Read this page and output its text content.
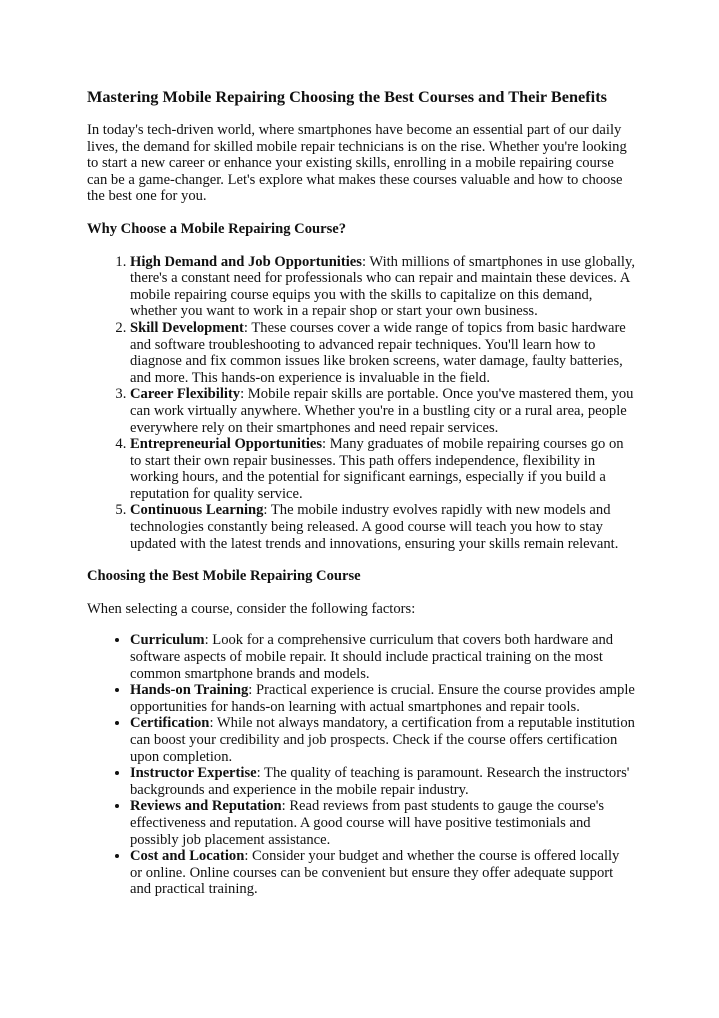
Mastering Mobile Repairing Choosing the Best Courses and Their Benefits

In today's tech-driven world, where smartphones have become an essential part of our daily lives, the demand for skilled mobile repair technicians is on the rise. Whether you're looking to start a new career or enhance your existing skills, enrolling in a mobile repairing course can be a game-changer. Let's explore what makes these courses valuable and how to choose the best one for you.

Why Choose a Mobile Repairing Course?
1. High Demand and Job Opportunities: With millions of smartphones in use globally, there's a constant need for professionals who can repair and maintain these devices. A mobile repairing course equips you with the skills to capitalize on this demand, whether you want to work in a repair shop or start your own business.
2. Skill Development: These courses cover a wide range of topics from basic hardware and software troubleshooting to advanced repair techniques. You'll learn how to diagnose and fix common issues like broken screens, water damage, faulty batteries, and more. This hands-on experience is invaluable in the field.
3. Career Flexibility: Mobile repair skills are portable. Once you've mastered them, you can work virtually anywhere. Whether you're in a bustling city or a rural area, people everywhere rely on their smartphones and need repair services.
4. Entrepreneurial Opportunities: Many graduates of mobile repairing courses go on to start their own repair businesses. This path offers independence, flexibility in working hours, and the potential for significant earnings, especially if you build a reputation for quality service.
5. Continuous Learning: The mobile industry evolves rapidly with new models and technologies constantly being released. A good course will teach you how to stay updated with the latest trends and innovations, ensuring your skills remain relevant.
Choosing the Best Mobile Repairing Course

When selecting a course, consider the following factors:

• Curriculum: Look for a comprehensive curriculum that covers both hardware and software aspects of mobile repair. It should include practical training on the most common smartphone brands and models.
• Hands-on Training: Practical experience is crucial. Ensure the course provides ample opportunities for hands-on learning with actual smartphones and repair tools.
• Certification: While not always mandatory, a certification from a reputable institution can boost your credibility and job prospects. Check if the course offers certification upon completion.
• Instructor Expertise: The quality of teaching is paramount. Research the instructors' backgrounds and experience in the mobile repair industry.
• Reviews and Reputation: Read reviews from past students to gauge the course's effectiveness and reputation. A good course will have positive testimonials and possibly job placement assistance.
• Cost and Location: Consider your budget and whether the course is offered locally or online. Online courses can be convenient but ensure they offer adequate support and practical training.
